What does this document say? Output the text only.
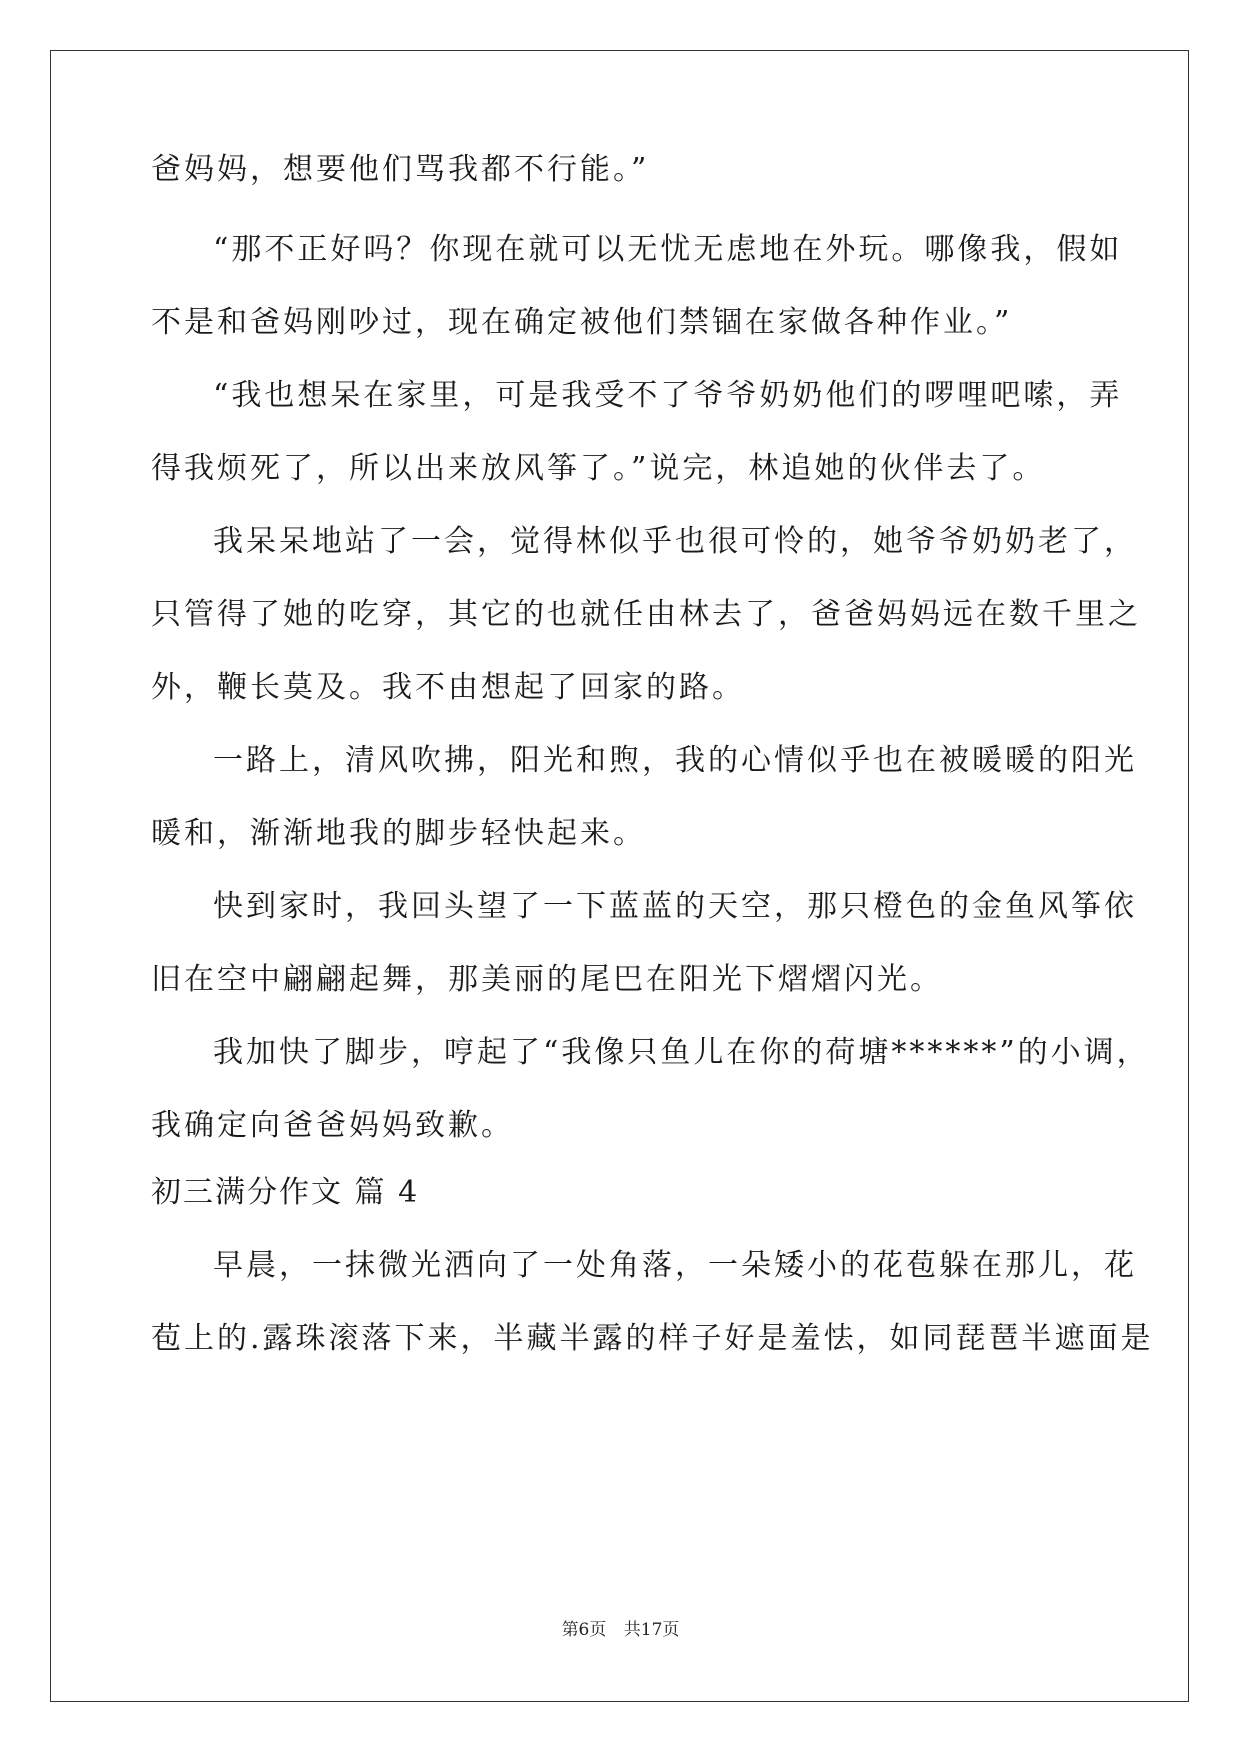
爸妈妈，想要他们骂我都不行能。”
“那不正好吗？你现在就可以无忧无虑地在外玩。哪像我，假如
不是和爸妈刚吵过，现在确定被他们禁锢在家做各种作业。”
“我也想呆在家里，可是我受不了爷爷奶奶他们的啰哩吧嗦，弄
得我烦死了，所以出来放风筝了。”说完，林追她的伙伴去了。
我呆呆地站了一会，觉得林似乎也很可怜的，她爷爷奶奶老了，
只管得了她的吃穿，其它的也就任由林去了，爸爸妈妈远在数千里之
外，鞭长莫及。我不由想起了回家的路。
一路上，清风吹拂，阳光和煦，我的心情似乎也在被暖暖的阳光
暖和，渐渐地我的脚步轻快起来。
快到家时，我回头望了一下蓝蓝的天空，那只橙色的金鱼风筝依
旧在空中翩翩起舞，那美丽的尾巴在阳光下熠熠闪光。
我加快了脚步，哼起了“我像只鱼儿在你的荷塘******”的小调，
我确定向爸爸妈妈致歉。
初三满分作文 篇 4
早晨，一抹微光洒向了一处角落，一朵矮小的花苞躲在那儿，花
苞上的.露珠滚落下来，半藏半露的样子好是羞怯，如同琵琶半遮面是
第6页 共17页
